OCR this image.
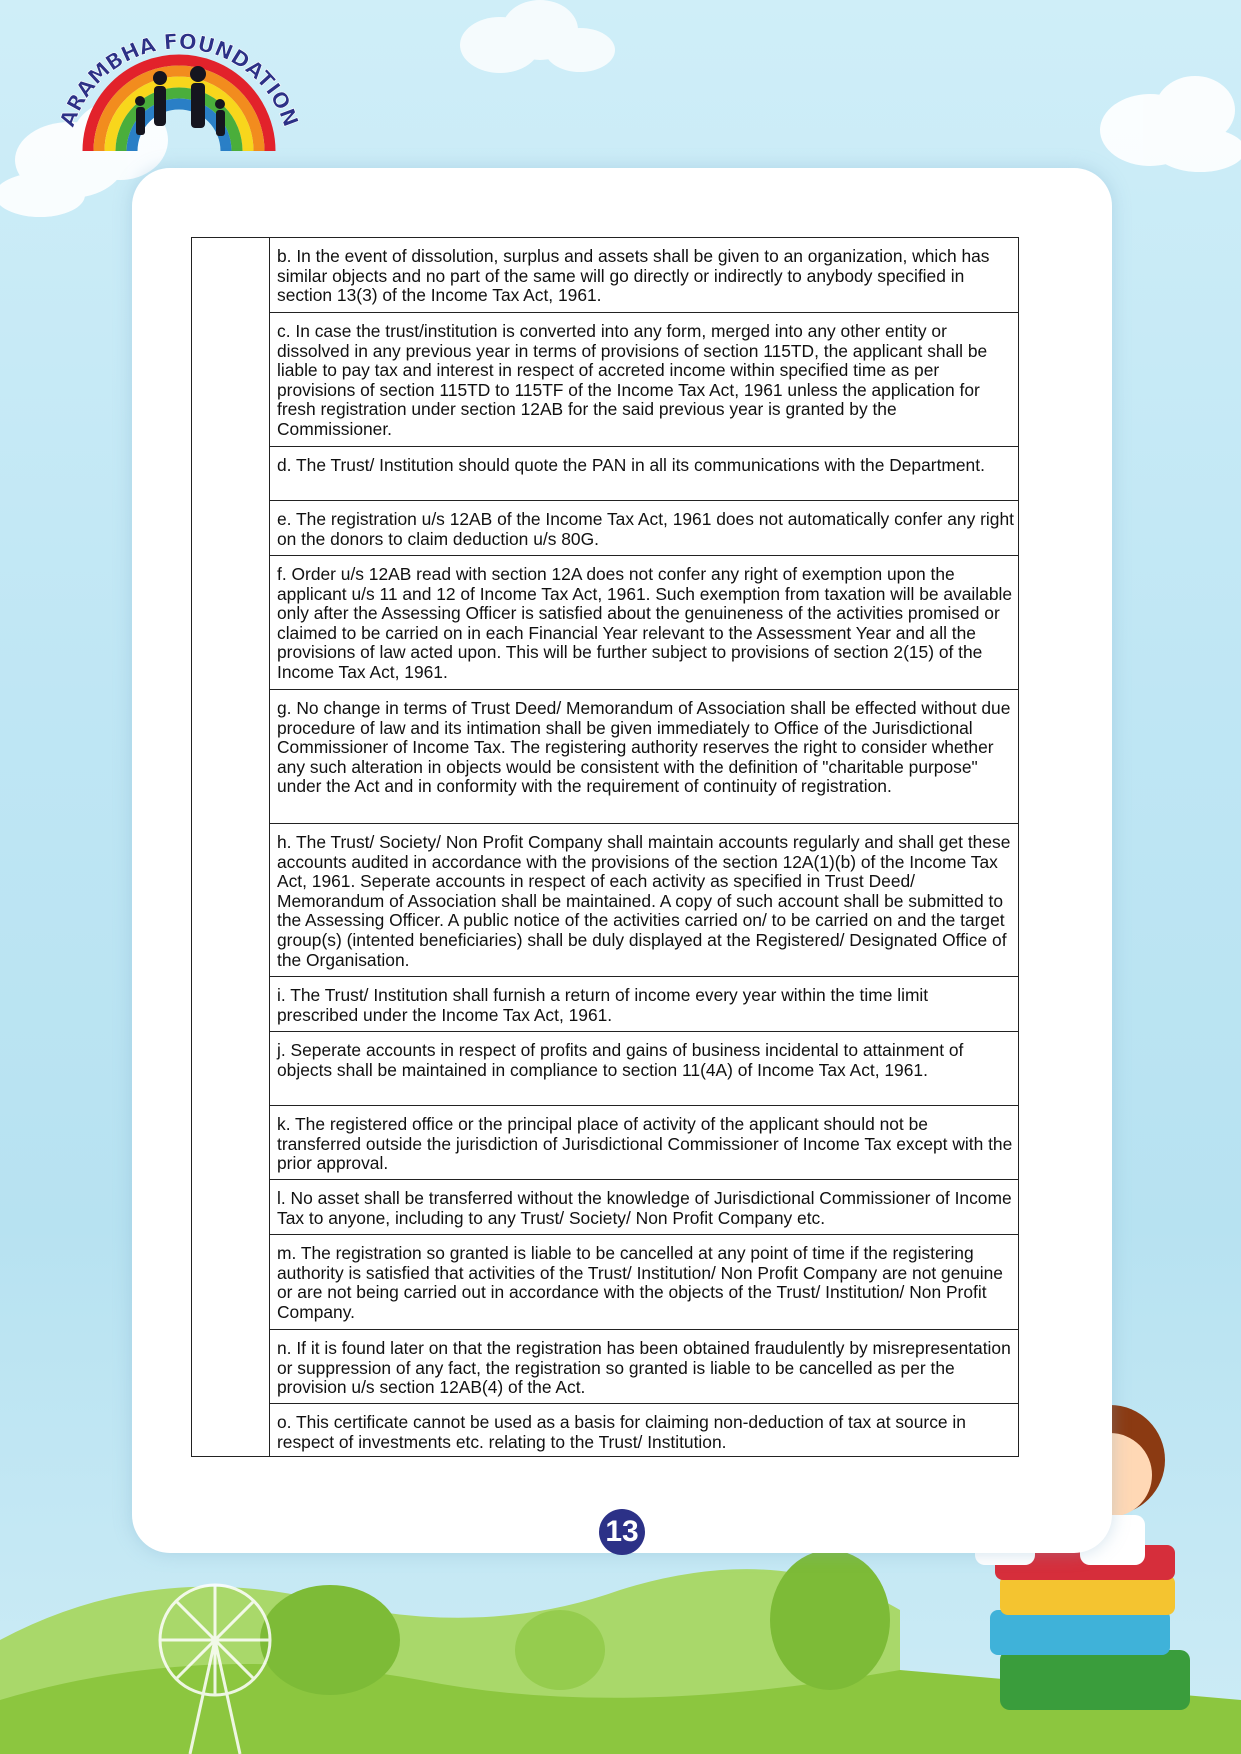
ARAMBHA FOUNDATION
b. In the event of dissolution, surplus and assets shall be given to an organization, which has similar objects and no part of the same will go directly or indirectly to anybody specified in section 13(3) of the Income Tax Act, 1961.
c. In case the trust/institution is converted into any form, merged into any other entity or dissolved in any previous year in terms of provisions of section 115TD, the applicant shall be liable to pay tax and interest in respect of accreted income within specified time as per provisions of section 115TD to 115TF of the Income Tax Act, 1961 unless the application for fresh registration under section 12AB for the said previous year is granted by the Commissioner.
d. The Trust/ Institution should quote the PAN in all its communications with the Department.
e. The registration u/s 12AB of the Income Tax Act, 1961 does not automatically confer any right on the donors to claim deduction u/s 80G.
f. Order u/s 12AB read with section 12A does not confer any right of exemption upon the applicant u/s 11 and 12 of Income Tax Act, 1961. Such exemption from taxation will be available only after the Assessing Officer is satisfied about the genuineness of the activities promised or claimed to be carried on in each Financial Year relevant to the Assessment Year and all the provisions of law acted upon. This will be further subject to provisions of section 2(15) of the Income Tax Act, 1961.
g. No change in terms of Trust Deed/ Memorandum of Association shall be effected without due procedure of law and its intimation shall be given immediately to Office of the Jurisdictional Commissioner of Income Tax. The registering authority reserves the right to consider whether any such alteration in objects would be consistent with the definition of "charitable purpose" under the Act and in conformity with the requirement of continuity of registration.
h. The Trust/ Society/ Non Profit Company shall maintain accounts regularly and shall get these accounts audited in accordance with the provisions of the section 12A(1)(b) of the Income Tax Act, 1961. Seperate accounts in respect of each activity as specified in Trust Deed/ Memorandum of Association shall be maintained. A copy of such account shall be submitted to the Assessing Officer. A public notice of the activities carried on/ to be carried on and the target group(s) (intented beneficiaries) shall be duly displayed at the Registered/ Designated Office of the Organisation.
i. The Trust/ Institution shall furnish a return of income every year within the time limit prescribed under the Income Tax Act, 1961.
j. Seperate accounts in respect of profits and gains of business incidental to attainment of objects shall be maintained in compliance to section 11(4A) of Income Tax Act, 1961.
k. The registered office or the principal place of activity of the applicant should not be transferred outside the jurisdiction of Jurisdictional Commissioner of Income Tax except with the prior approval.
l. No asset shall be transferred without the knowledge of Jurisdictional Commissioner of Income Tax to anyone, including to any Trust/ Society/ Non Profit Company etc.
m. The registration so granted is liable to be cancelled at any point of time if the registering authority is satisfied that activities of the Trust/ Institution/ Non Profit Company are not genuine or are not being carried out in accordance with the objects of the Trust/ Institution/ Non Profit Company.
n. If it is found later on that the registration has been obtained fraudulently by misrepresentation or suppression of any fact, the registration so granted is liable to be cancelled as per the provision u/s section 12AB(4) of the Act.
o. This certificate cannot be used as a basis for claiming non-deduction of tax at source in respect of investments etc. relating to the Trust/ Institution.
13
